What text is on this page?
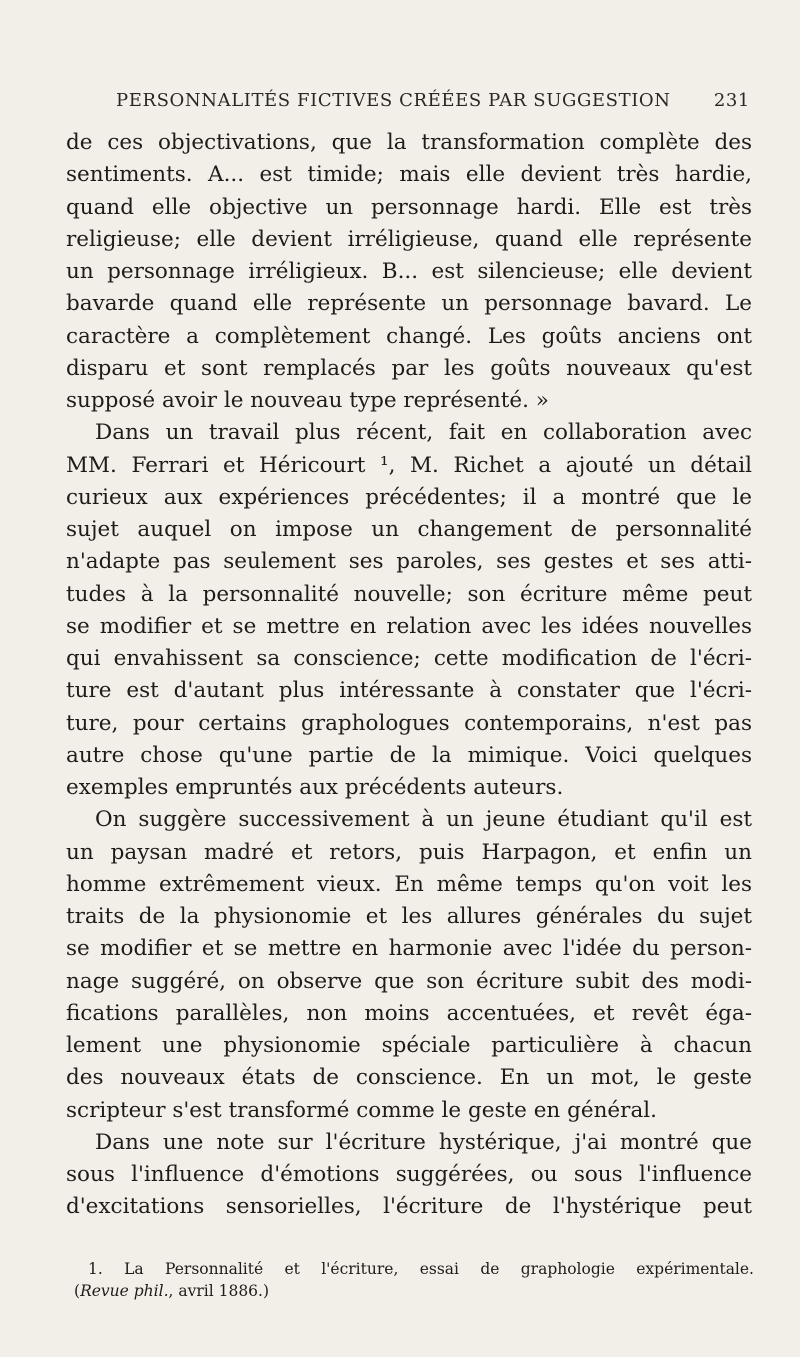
PERSONNALITÉS FICTIVES CRÉÉES PAR SUGGESTION 231
de ces objectivations, que la transformation complète des
sentiments. A... est timide; mais elle devient très hardie,
quand elle objective un personnage hardi. Elle est très
religieuse; elle devient irréligieuse, quand elle représente
un personnage irréligieux. B... est silencieuse; elle devient
bavarde quand elle représente un personnage bavard. Le
caractère a complètement changé. Les goûts anciens ont
disparu et sont remplacés par les goûts nouveaux qu'est
supposé avoir le nouveau type représenté. »
Dans un travail plus récent, fait en collaboration avec
MM. Ferrari et Héricourt ¹, M. Richet a ajouté un détail
curieux aux expériences précédentes; il a montré que le
sujet auquel on impose un changement de personnalité
n'adapte pas seulement ses paroles, ses gestes et ses atti-
tudes à la personnalité nouvelle; son écriture même peut
se modifier et se mettre en relation avec les idées nouvelles
qui envahissent sa conscience; cette modification de l'écri-
ture est d'autant plus intéressante à constater que l'écri-
ture, pour certains graphologues contemporains, n'est pas
autre chose qu'une partie de la mimique. Voici quelques
exemples empruntés aux précédents auteurs.
On suggère successivement à un jeune étudiant qu'il est
un paysan madré et retors, puis Harpagon, et enfin un
homme extrêmement vieux. En même temps qu'on voit les
traits de la physionomie et les allures générales du sujet
se modifier et se mettre en harmonie avec l'idée du person-
nage suggéré, on observe que son écriture subit des modi-
fications parallèles, non moins accentuées, et revêt éga-
lement une physionomie spéciale particulière à chacun
des nouveaux états de conscience. En un mot, le geste
scripteur s'est transformé comme le geste en général.
Dans une note sur l'écriture hystérique, j'ai montré que
sous l'influence d'émotions suggérées, ou sous l'influence
d'excitations sensorielles, l'écriture de l'hystérique peut
1. La Personnalité et l'écriture, essai de graphologie expérimentale.
(Revue phil., avril 1886.)
